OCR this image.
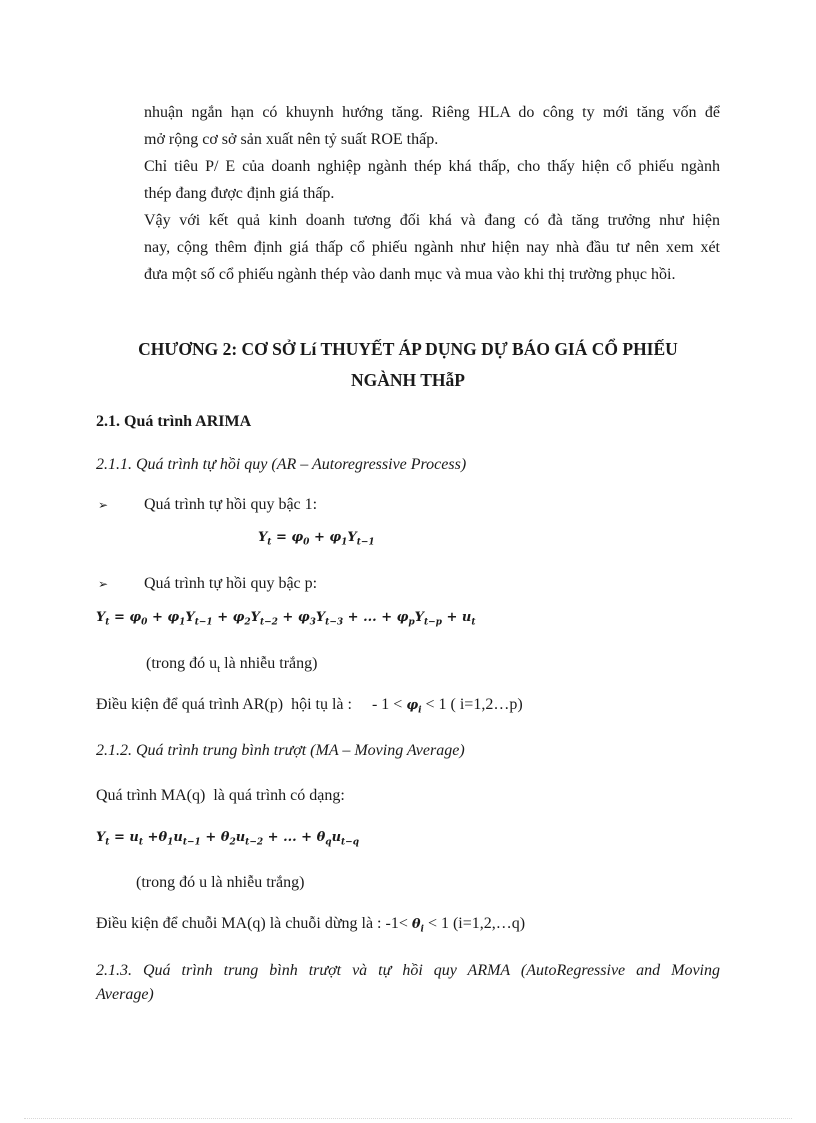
nhuận ngắn hạn có khuynh hướng tăng. Riêng HLA do công ty mới tăng vốn để

mở rộng cơ sở sản xuất nên tỷ suất ROE thấp.

Chỉ tiêu P/ E của doanh nghiệp ngành thép khá thấp, cho thấy hiện cổ phiếu ngành

thép đang được định giá thấp.

Vậy với kết quả kinh doanh tương đối khá và đang có đà tăng trưởng như hiện

nay, cộng thêm định giá thấp cổ phiếu ngành như hiện nay nhà đầu tư nên xem xét

đưa một số cổ phiếu ngành thép vào danh mục và mua vào khi thị trường phục hồi.

CHƯƠNG 2: CƠ SỞ Lí THUYẾT ÁP DỤNG DỰ BÁO GIÁ CỔ PHIẾU
NGÀNH THẫP
2.1. Quá trình ARIMA
2.1.1. Quá trình tự hồi quy (AR – Autoregressive Process)
➢ Quá trình tự hồi quy bậc 1:
$Y_t = \varphi_0 + \varphi_1Y_{t-1}$
➢ Quá trình tự hồi quy bậc p:
$Y_t = \varphi_0 + \varphi_1Y_{t-1} + \varphi_2Y_{t-2} + \varphi_3Y_{t-3}$ + ... + $\varphi_pY_{t-p} + u_t$
(trong đó $u_t$ là nhiễu trắng)
Điều kiện để quá trình AR(p)  hội tụ là :     - $1 < \varphi_i < 1$ ( i=1,2…p)
2.1.2. Quá trình trung bình trượt (MA – Moving Average)
Quá trình MA(q)  là quá trình có dạng:
$Y_t = u_t +\theta_1u_{t-1} + \theta_2u_{t-2}$ + ... + $\theta_qu_{t-q}$
(trong đó u là nhiễu trắng)
Điều kiện để chuỗi MA(q) là chuỗi dừng là : $-1< \theta_i < 1$ (i=1,2,…q)
2.1.3. Quá trình trung bình trượt và tự hồi quy ARMA (AutoRegressive and Moving
Average)
